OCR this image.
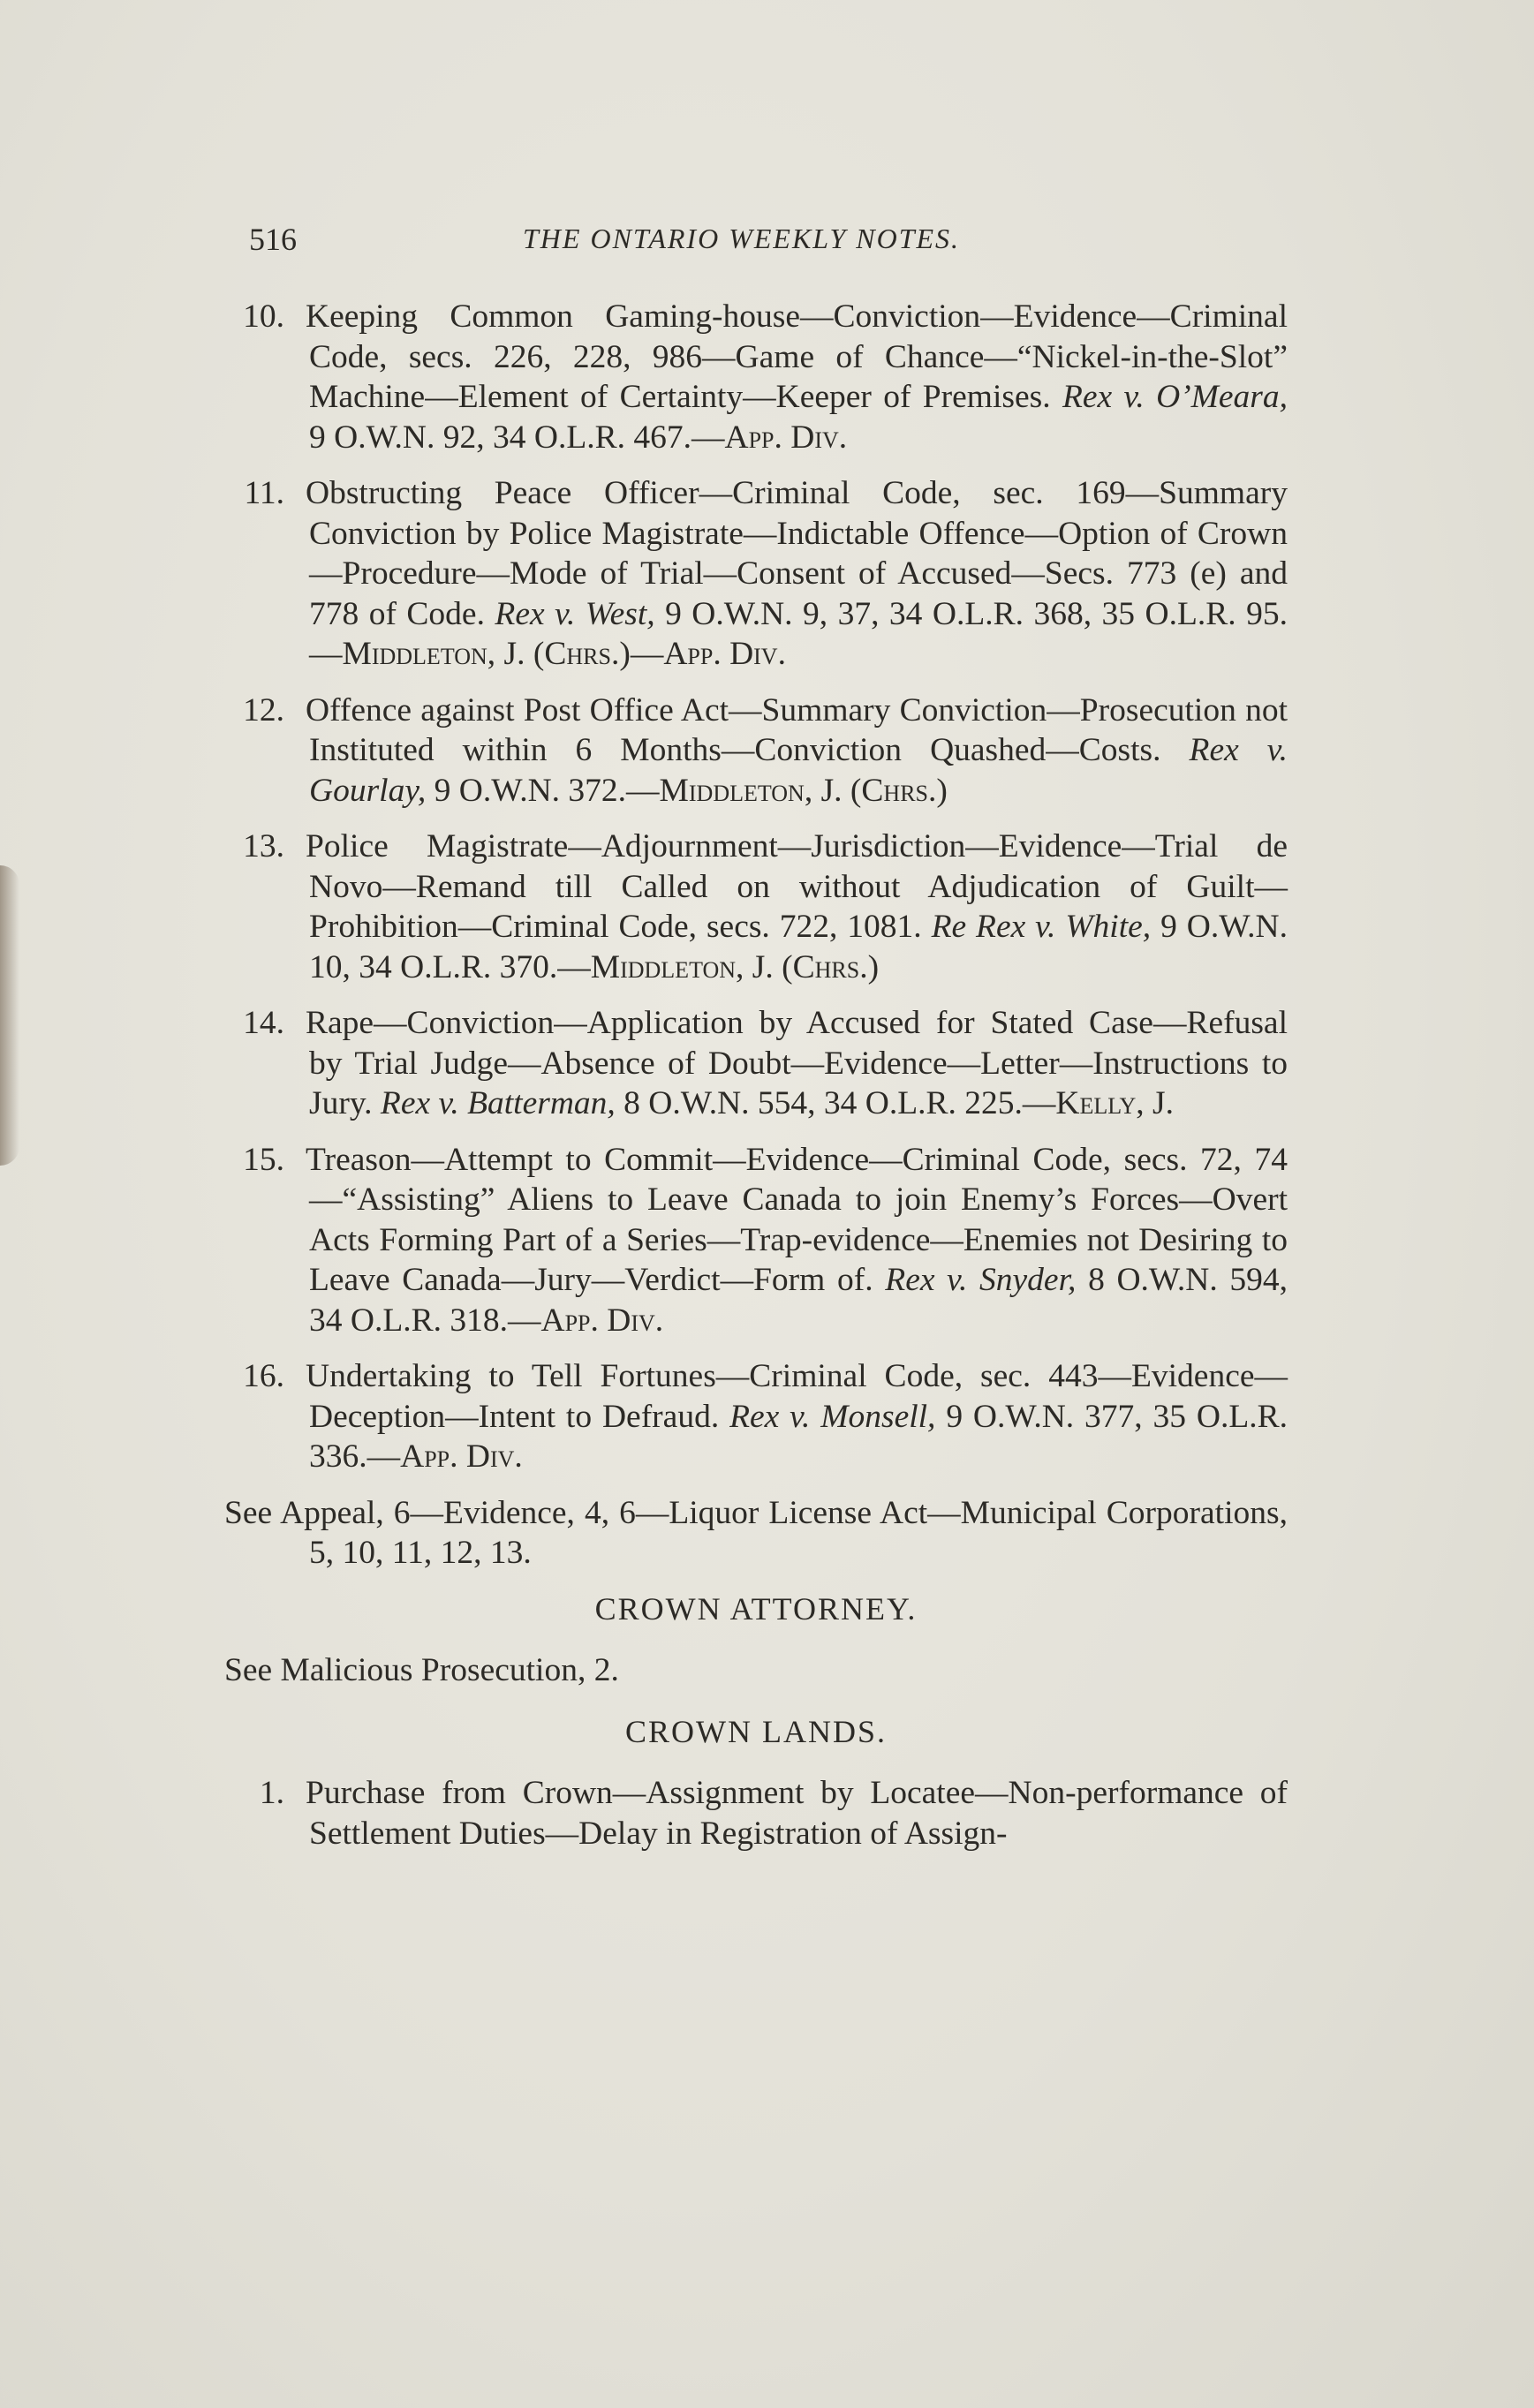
516	THE ONTARIO WEEKLY NOTES.
10. Keeping Common Gaming-house—Conviction—Evidence—Criminal Code, secs. 226, 228, 986—Game of Chance—“Nickel-in-the-Slot” Machine—Element of Certainty—Keeper of Premises. Rex v. O’Meara, 9 O.W.N. 92, 34 O.L.R. 467.—App. Div.
11. Obstructing Peace Officer—Criminal Code, sec. 169—Summary Conviction by Police Magistrate—Indictable Offence—Option of Crown—Procedure—Mode of Trial—Consent of Accused—Secs. 773 (e) and 778 of Code. Rex v. West, 9 O.W.N. 9, 37, 34 O.L.R. 368, 35 O.L.R. 95.—Middleton, J. (Chrs.)—App. Div.
12. Offence against Post Office Act—Summary Conviction—Prosecution not Instituted within 6 Months—Conviction Quashed—Costs. Rex v. Gourlay, 9 O.W.N. 372.—Middleton, J. (Chrs.)
13. Police Magistrate—Adjournment—Jurisdiction—Evidence—Trial de Novo—Remand till Called on without Adjudication of Guilt—Prohibition—Criminal Code, secs. 722, 1081. Re Rex v. White, 9 O.W.N. 10, 34 O.L.R. 370.—Middleton, J. (Chrs.)
14. Rape—Conviction—Application by Accused for Stated Case—Refusal by Trial Judge—Absence of Doubt—Evidence—Letter—Instructions to Jury. Rex v. Batterman, 8 O.W.N. 554, 34 O.L.R. 225.—Kelly, J.
15. Treason—Attempt to Commit—Evidence—Criminal Code, secs. 72, 74—“Assisting” Aliens to Leave Canada to join Enemy’s Forces—Overt Acts Forming Part of a Series—Trap-evidence—Enemies not Desiring to Leave Canada—Jury—Verdict—Form of. Rex v. Snyder, 8 O.W.N. 594, 34 O.L.R. 318.—App. Div.
16. Undertaking to Tell Fortunes—Criminal Code, sec. 443—Evidence—Deception—Intent to Defraud. Rex v. Monsell, 9 O.W.N. 377, 35 O.L.R. 336.—App. Div.
See Appeal, 6—Evidence, 4, 6—Liquor License Act—Municipal Corporations, 5, 10, 11, 12, 13.
CROWN ATTORNEY.
See Malicious Prosecution, 2.
CROWN LANDS.
1. Purchase from Crown—Assignment by Locatee—Non-performance of Settlement Duties—Delay in Registration of Assign-
